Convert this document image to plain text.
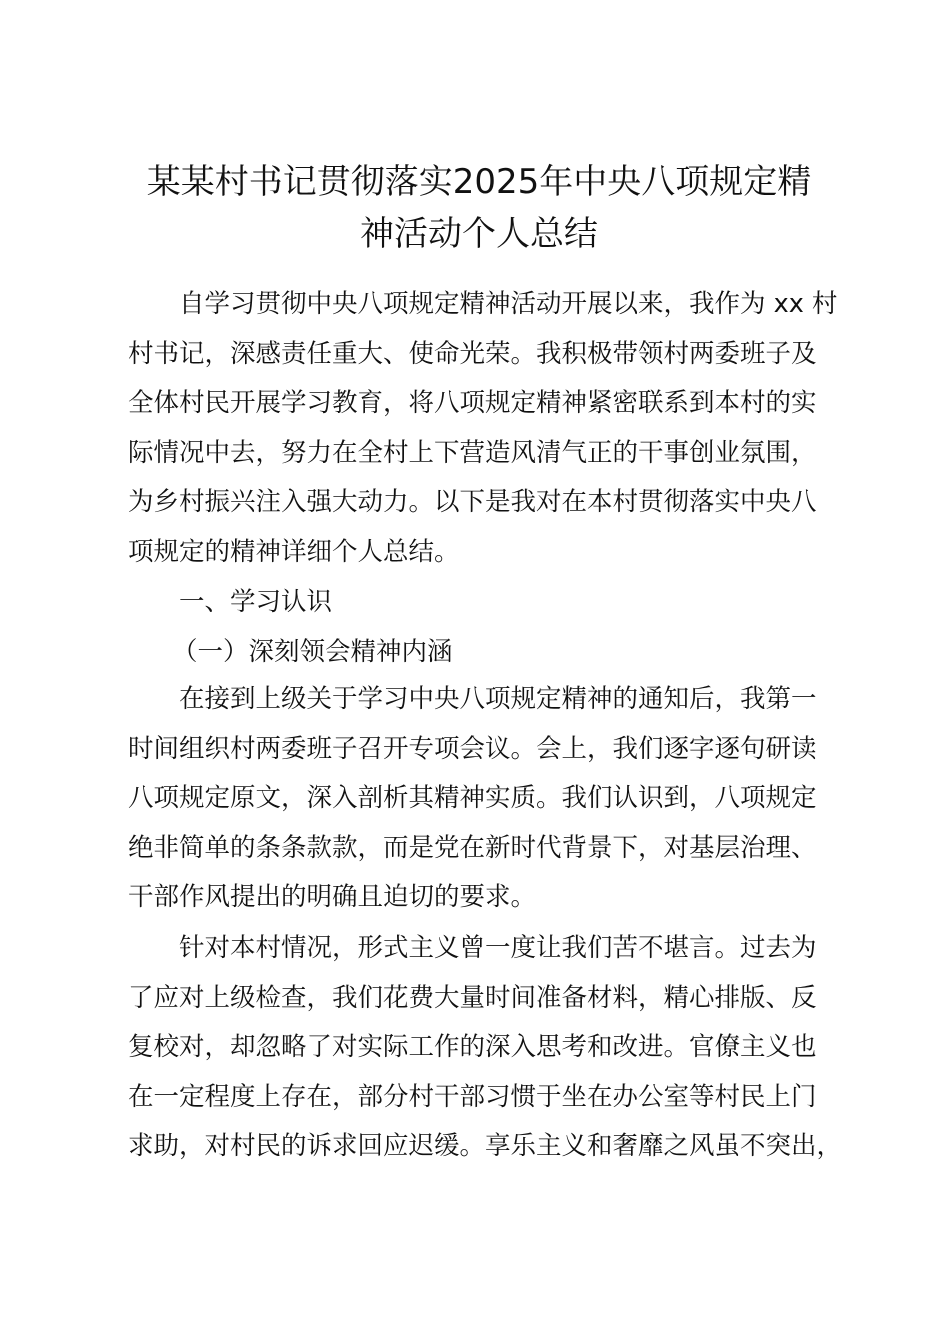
某某村书记贯彻落实2025年中央八项规定精
神活动个人总结
自学习贯彻中央八项规定精神活动开展以来，我作为 xx 村
村书记，深感责任重大、使命光荣。我积极带领村两委班子及
全体村民开展学习教育，将八项规定精神紧密联系到本村的实
际情况中去，努力在全村上下营造风清气正的干事创业氛围，
为乡村振兴注入强大动力。以下是我对在本村贯彻落实中央八
项规定的精神详细个人总结。
一、学习认识
（一）深刻领会精神内涵
在接到上级关于学习中央八项规定精神的通知后，我第一
时间组织村两委班子召开专项会议。会上，我们逐字逐句研读
八项规定原文，深入剖析其精神实质。我们认识到，八项规定
绝非简单的条条款款，而是党在新时代背景下，对基层治理、
干部作风提出的明确且迫切的要求。
针对本村情况，形式主义曾一度让我们苦不堪言。过去为
了应对上级检查，我们花费大量时间准备材料，精心排版、反
复校对，却忽略了对实际工作的深入思考和改进。官僚主义也
在一定程度上存在，部分村干部习惯于坐在办公室等村民上门
求助，对村民的诉求回应迟缓。享乐主义和奢靡之风虽不突出，
